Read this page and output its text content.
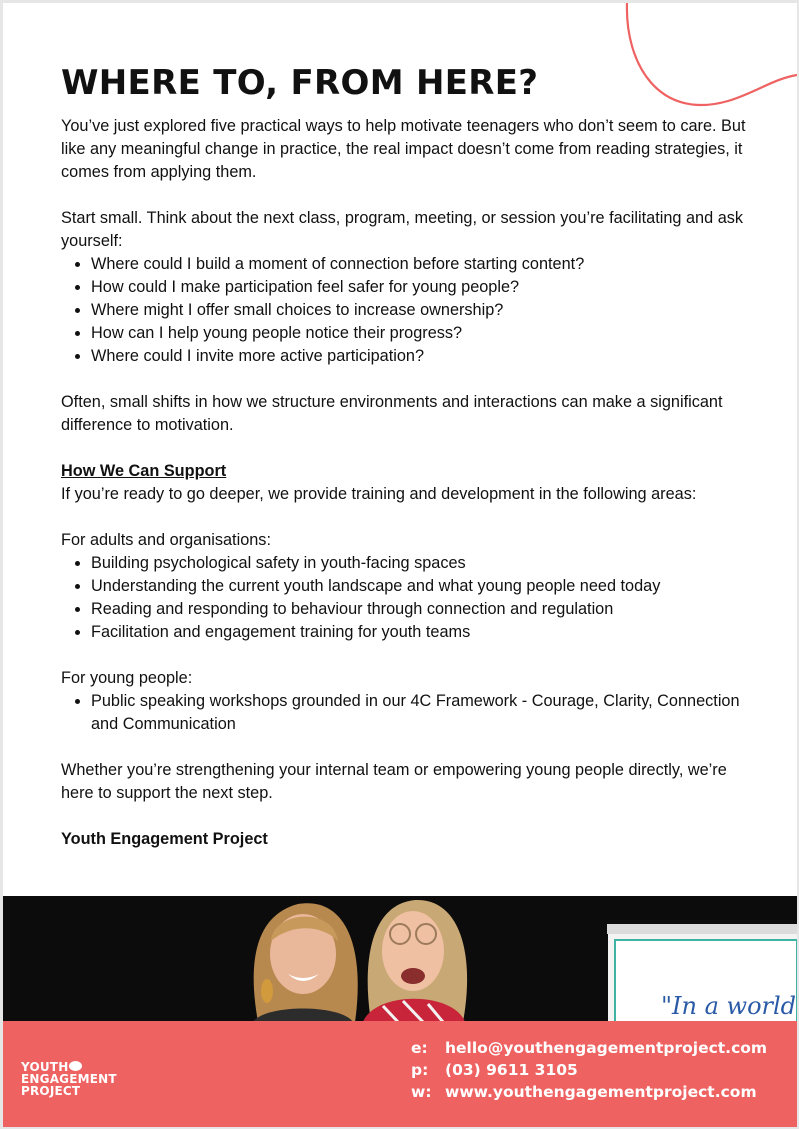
WHERE TO, FROM HERE?

You’ve just explored five practical ways to help motivate teenagers who don’t seem to care. But like any meaningful change in practice, the real impact doesn’t come from reading strategies, it comes from applying them.

Start small. Think about the next class, program, meeting, or session you’re facilitating and ask yourself:

• Where could I build a moment of connection before starting content?
• How could I make participation feel safer for young people?
• Where might I offer small choices to increase ownership?
• How can I help young people notice their progress?
• Where could I invite more active participation?

Often, small shifts in how we structure environments and interactions can make a significant difference to motivation.

How We Can Support

If you’re ready to go deeper, we provide training and development in the following areas:

For adults and organisations:

• Building psychological safety in youth-facing spaces
• Understanding the current youth landscape and what young people need today
• Reading and responding to behaviour through connection and regulation
• Facilitation and engagement training for youth teams

For young people:

• Public speaking workshops grounded in our 4C Framework - Courage, Clarity, Connection and Communication

Whether you’re strengthening your internal team or empowering young people directly, we’re here to support the next step.

Youth Engagement Project

"In a world
YOUTH
ENGAGEMENT
PROJECT
e:	hello@youthengagementproject.com
p:	(03) 9611 3105
w: www.youthengagementproject.com
